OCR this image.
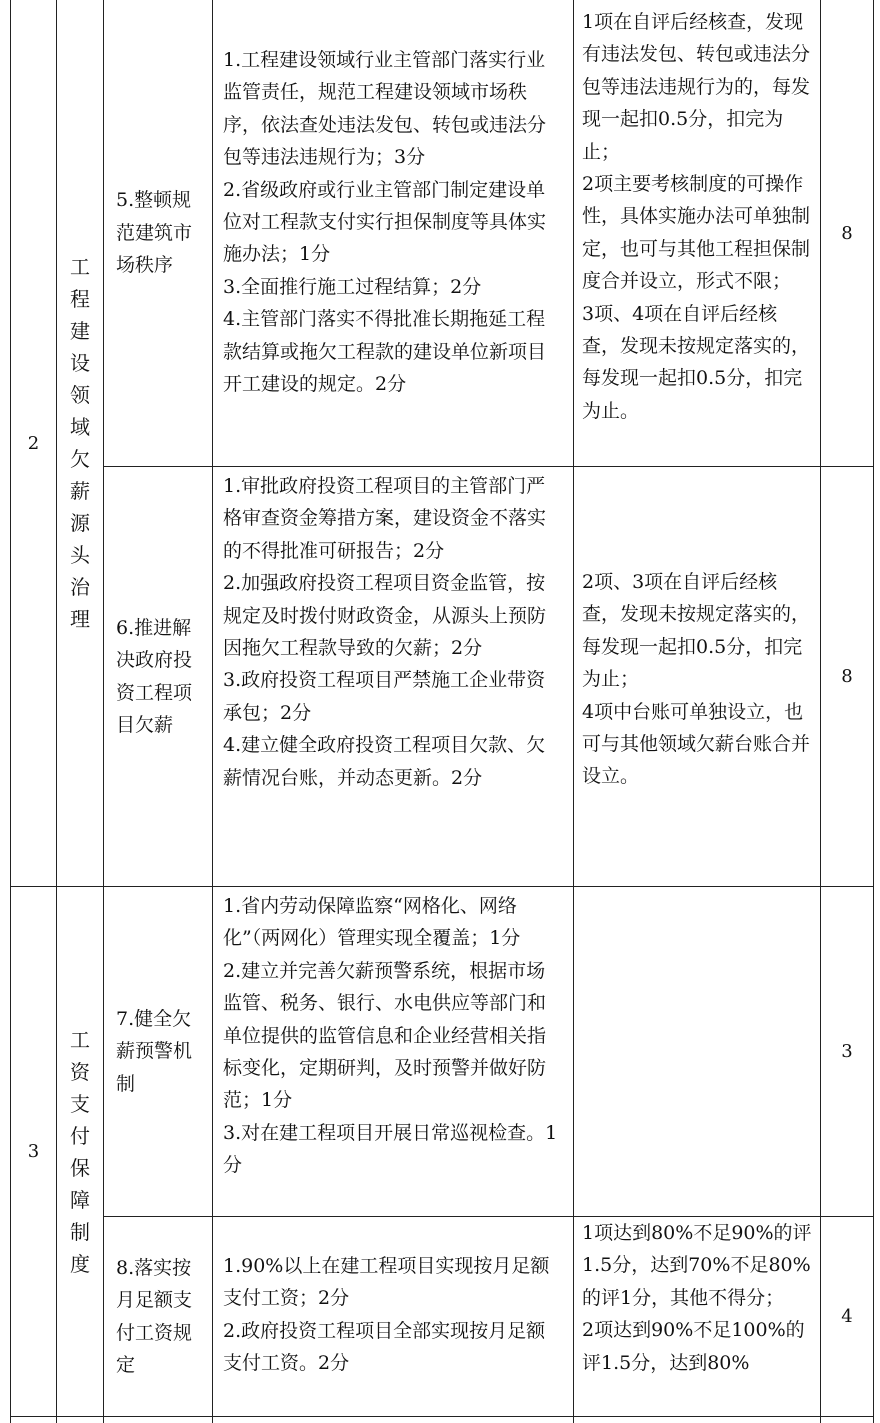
2
工程建设领域欠薪源头治理
5.整顿规范建筑市场秩序
1.工程建设领域行业主管部门落实行业监管责任，规范工程建设领域市场秩序，依法查处违法发包、转包或违法分包等违法违规行为；3分
2.省级政府或行业主管部门制定建设单位对工程款支付实行担保制度等具体实施办法；1分
3.全面推行施工过程结算；2分
4.主管部门落实不得批准长期拖延工程款结算或拖欠工程款的建设单位新项目开工建设的规定。2分
1项在自评后经核查，发现有违法发包、转包或违法分包等违法违规行为的，每发现一起扣0.5分，扣完为止；
2项主要考核制度的可操作性，具体实施办法可单独制定，也可与其他工程担保制度合并设立，形式不限；
3项、4项在自评后经核查，发现未按规定落实的，每发现一起扣0.5分，扣完为止。
8
6.推进解决政府投资工程项目欠薪
1.审批政府投资工程项目的主管部门严格审查资金筹措方案，建设资金不落实的不得批准可研报告；2分
2.加强政府投资工程项目资金监管，按规定及时拨付财政资金，从源头上预防因拖欠工程款导致的欠薪；2分
3.政府投资工程项目严禁施工企业带资承包；2分
4.建立健全政府投资工程项目欠款、欠薪情况台账，并动态更新。2分
2项、3项在自评后经核查，发现未按规定落实的，每发现一起扣0.5分，扣完为止；
4项中台账可单独设立，也可与其他领域欠薪台账合并设立。
8
3
工资支付保障制度
7.健全欠薪预警机制
1.省内劳动保障监察“网格化、网络化”（两网化）管理实现全覆盖；1分
2.建立并完善欠薪预警系统，根据市场监管、税务、银行、水电供应等部门和单位提供的监管信息和企业经营相关指标变化，定期研判，及时预警并做好防范；1分
3.对在建工程项目开展日常巡视检查。1分
3
8.落实按月足额支付工资规定
1.90%以上在建工程项目实现按月足额支付工资；2分
2.政府投资工程项目全部实现按月足额支付工资。2分
1项达到80%不足90%的评1.5分，达到70%不足80%的评1分，其他不得分；
2项达到90%不足100%的评1.5分，达到80%
4
